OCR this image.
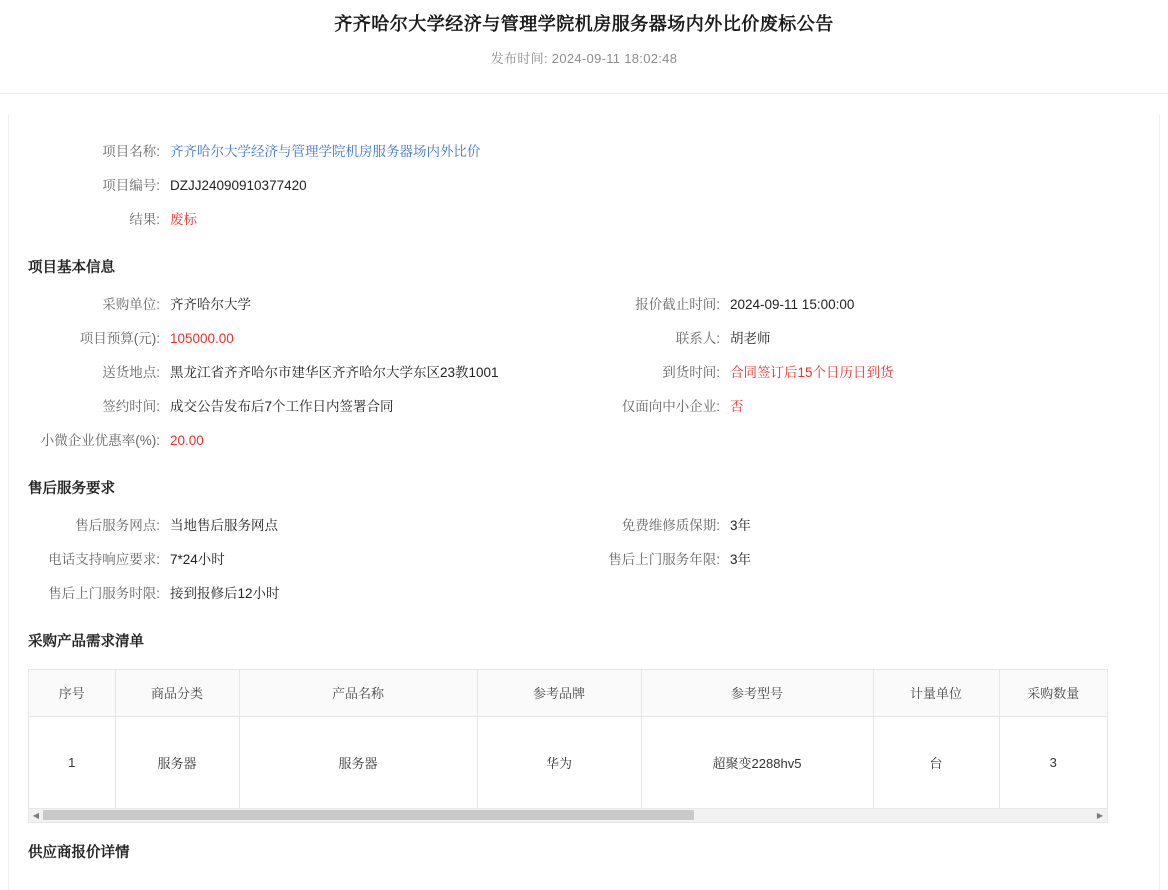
齐齐哈尔大学经济与管理学院机房服务器场内外比价废标公告
发布时间: 2024-09-11 18:02:48
项目名称: 齐齐哈尔大学经济与管理学院机房服务器场内外比价
项目编号: DZJJ24090910377420
结果: 废标
项目基本信息
采购单位: 齐齐哈尔大学	报价截止时间: 2024-09-11 15:00:00
项目预算(元): 105000.00	联系人: 胡老师
送货地点: 黑龙江省齐齐哈尔市建华区齐齐哈尔大学东区23教1001	到货时间: 合同签订后15个日历日到货
签约时间: 成交公告发布后7个工作日内签署合同	仅面向中小企业: 否
小微企业优惠率(%): 20.00
售后服务要求
售后服务网点: 当地售后服务网点	免费维修质保期: 3年
电话支持响应要求: 7*24小时	售后上门服务年限: 3年
售后上门服务时限: 接到报修后12小时
采购产品需求清单
序号	商品分类	产品名称	参考品牌	参考型号	计量单位	采购数量
1	服务器	服务器	华为	超聚变2288hv5	台	3
◀	▶
供应商报价详情
